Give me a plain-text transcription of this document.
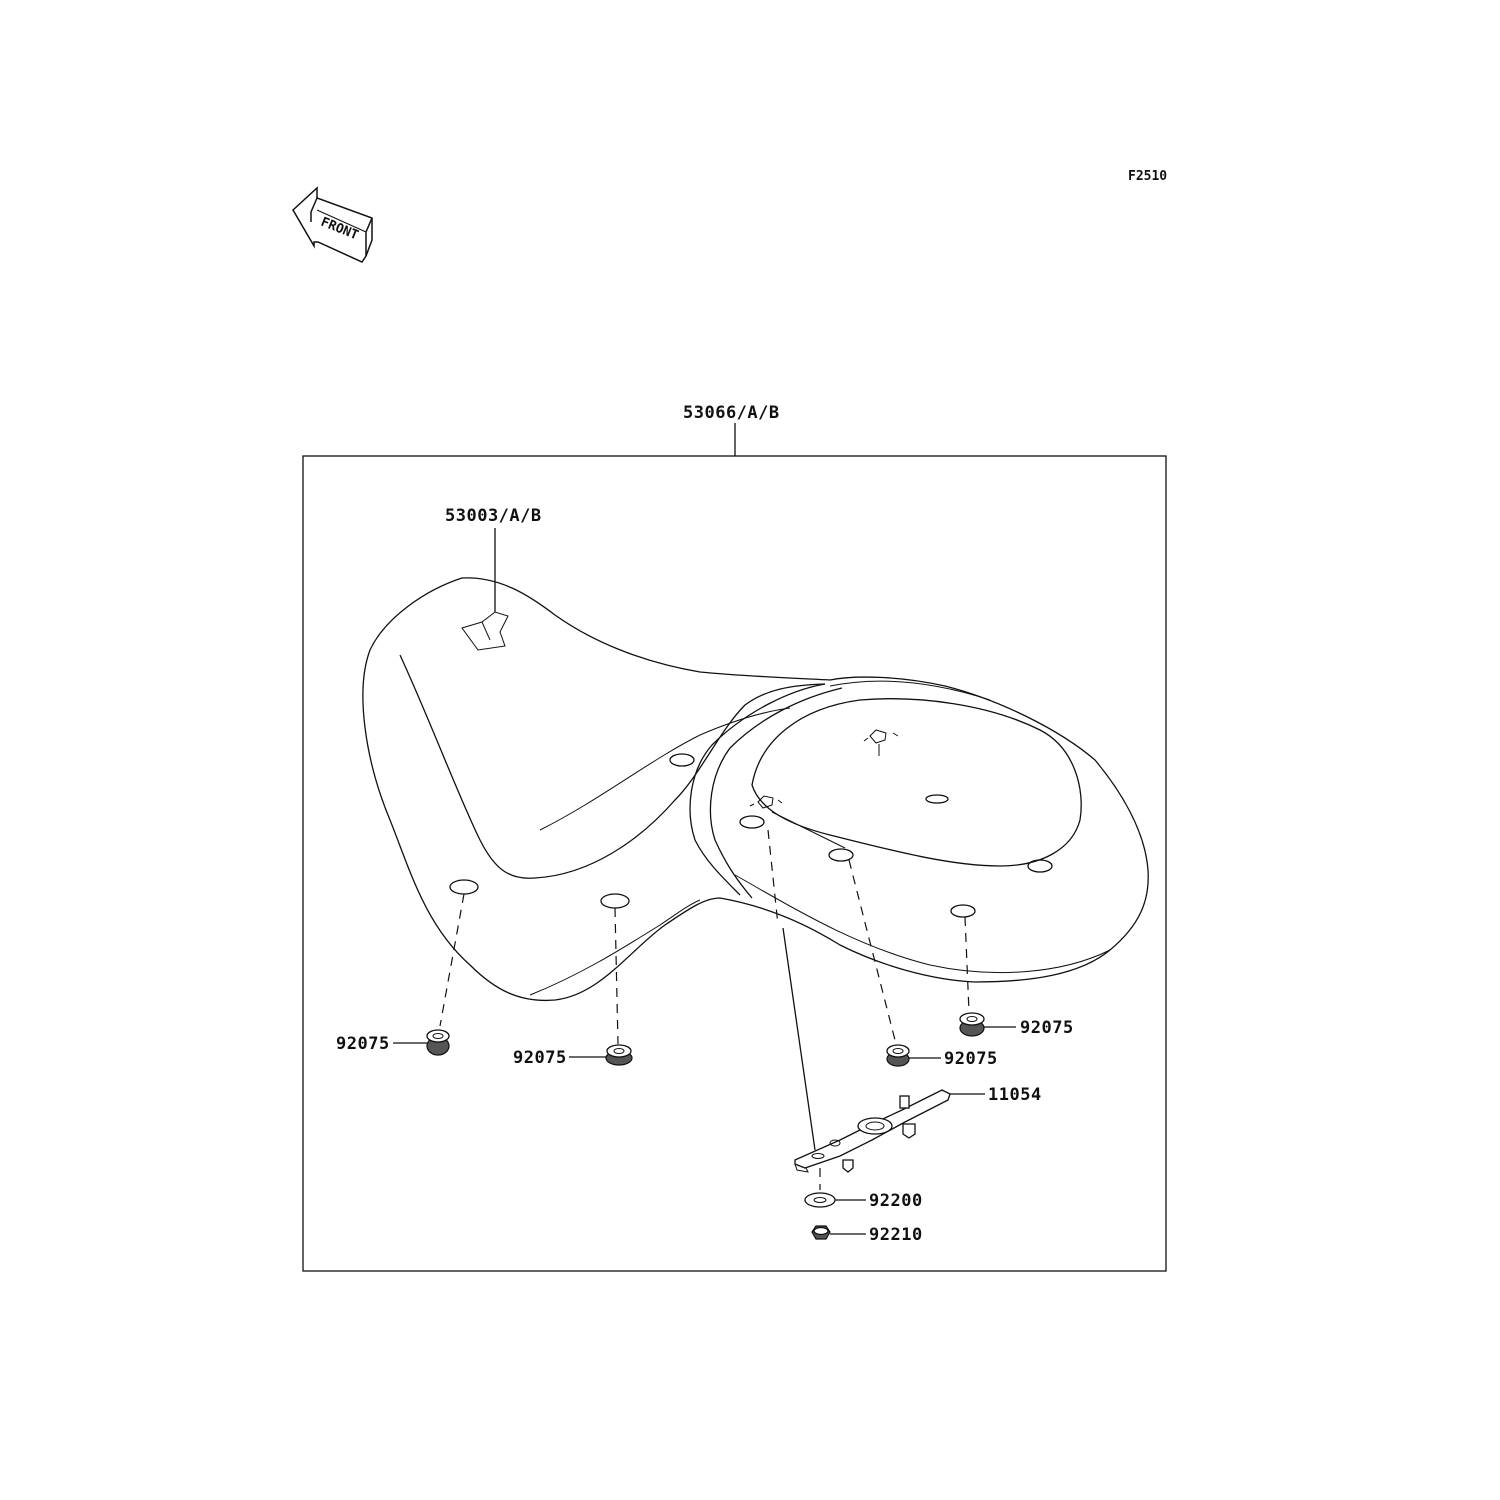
F2510
FRONT
53066/A/B
53003/A/B
92075
92075	92075
92075
11054
92200
92210
